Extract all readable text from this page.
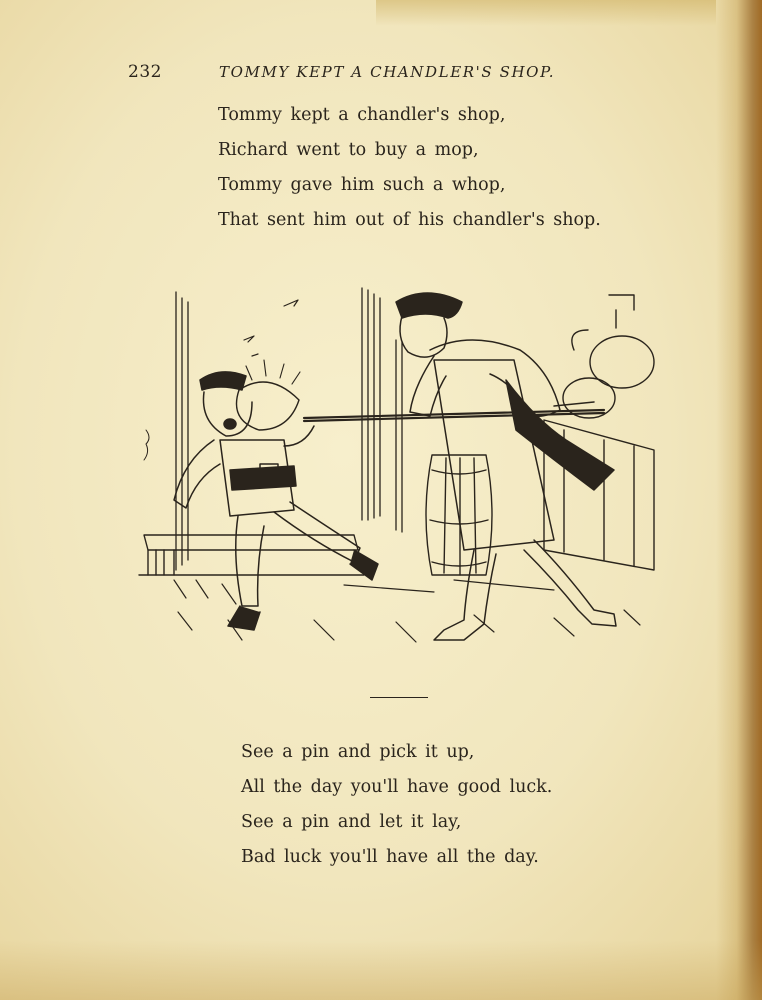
232	TOMMY KEPT A CHANDLER'S SHOP.
Tommy kept a chandler's shop,
Richard went to buy a mop,
Tommy gave him such a whop,
That sent him out of his chandler's shop.
See a pin and pick it up,
All the day you'll have good luck.
See a pin and let it lay,
Bad luck you'll have all the day.
